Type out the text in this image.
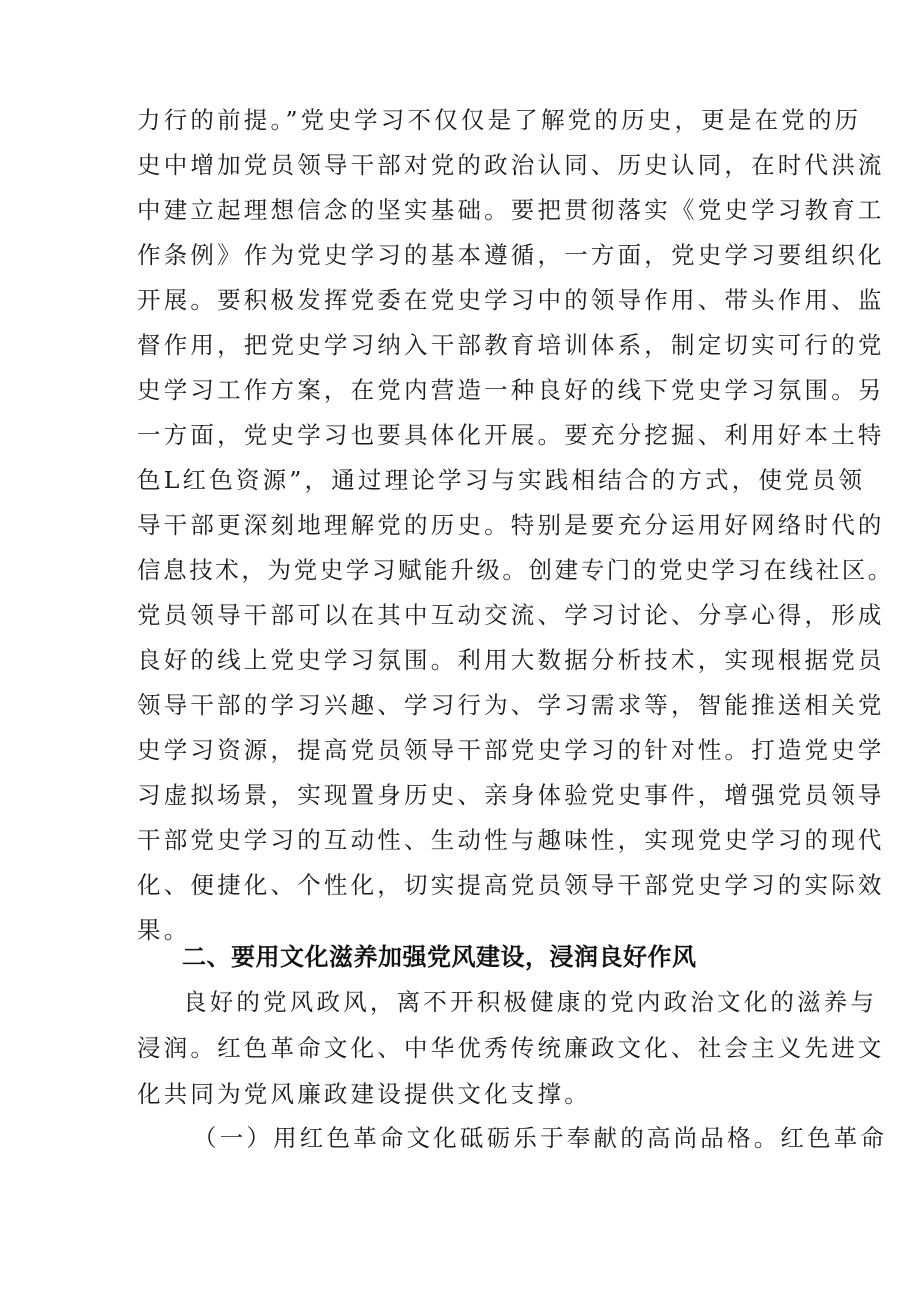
力行的前提。”党史学习不仅仅是了解党的历史，更是在党的历
史中增加党员领导干部对党的政治认同、历史认同，在时代洪流
中建立起理想信念的坚实基础。要把贯彻落实《党史学习教育工
作条例》作为党史学习的基本遵循，一方面，党史学习要组织化
开展。要积极发挥党委在党史学习中的领导作用、带头作用、监
督作用，把党史学习纳入干部教育培训体系，制定切实可行的党
史学习工作方案，在党内营造一种良好的线下党史学习氛围。另
一方面，党史学习也要具体化开展。要充分挖掘、利用好本土特
色L红色资源”，通过理论学习与实践相结合的方式，使党员领
导干部更深刻地理解党的历史。特别是要充分运用好网络时代的
信息技术，为党史学习赋能升级。创建专门的党史学习在线社区。
党员领导干部可以在其中互动交流、学习讨论、分享心得，形成
良好的线上党史学习氛围。利用大数据分析技术，实现根据党员
领导干部的学习兴趣、学习行为、学习需求等，智能推送相关党
史学习资源，提高党员领导干部党史学习的针对性。打造党史学
习虚拟场景，实现置身历史、亲身体验党史事件，增强党员领导
干部党史学习的互动性、生动性与趣味性，实现党史学习的现代
化、便捷化、个性化，切实提高党员领导干部党史学习的实际效
果。
二、要用文化滋养加强党风建设，浸润良好作风
良好的党风政风，离不开积极健康的党内政治文化的滋养与
浸润。红色革命文化、中华优秀传统廉政文化、社会主义先进文
化共同为党风廉政建设提供文化支撑。
（一）用红色革命文化砥砺乐于奉献的高尚品格。红色革命
